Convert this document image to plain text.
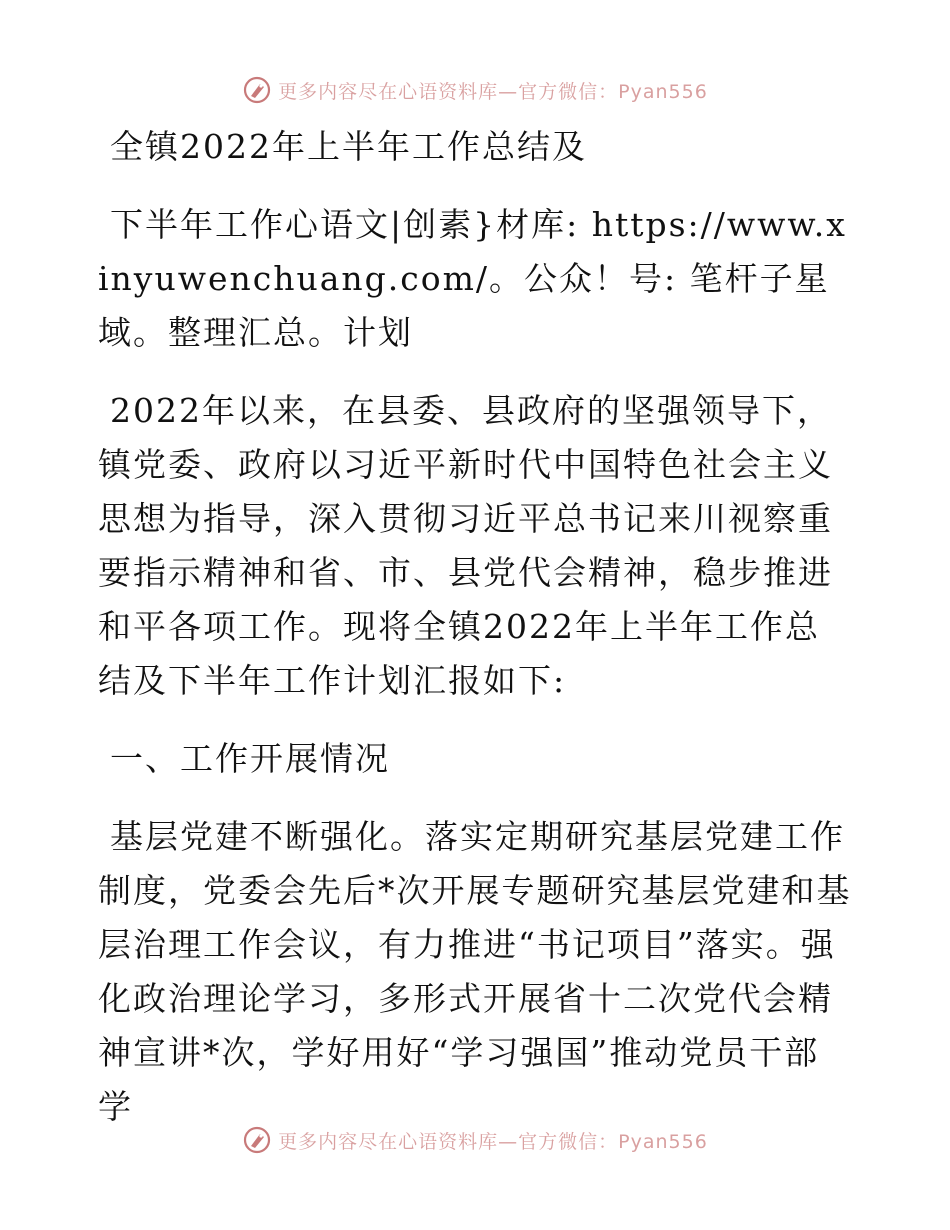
更多内容尽在心语资料库—官方微信：Pyan556

全镇2022年上半年工作总结及

下半年工作心语文|创素}材库: https://www.xinyuwenchuang.com/。公众！号: 笔杆子星域。整理汇总。计划

2022年以来，在县委、县政府的坚强领导下，镇党委、政府以习近平新时代中国特色社会主义思想为指导，深入贯彻习近平总书记来川视察重要指示精神和省、市、县党代会精神，稳步推进和平各项工作。现将全镇2022年上半年工作总结及下半年工作计划汇报如下:

一、工作开展情况

基层党建不断强化。落实定期研究基层党建工作制度，党委会先后*次开展专题研究基层党建和基层治理工作会议，有力推进“书记项目”落实。强化政治理论学习，多形式开展省十二次党代会精神宣讲*次，学好用好“学习强国”推动党员干部学

更多内容尽在心语资料库—官方微信：Pyan556
